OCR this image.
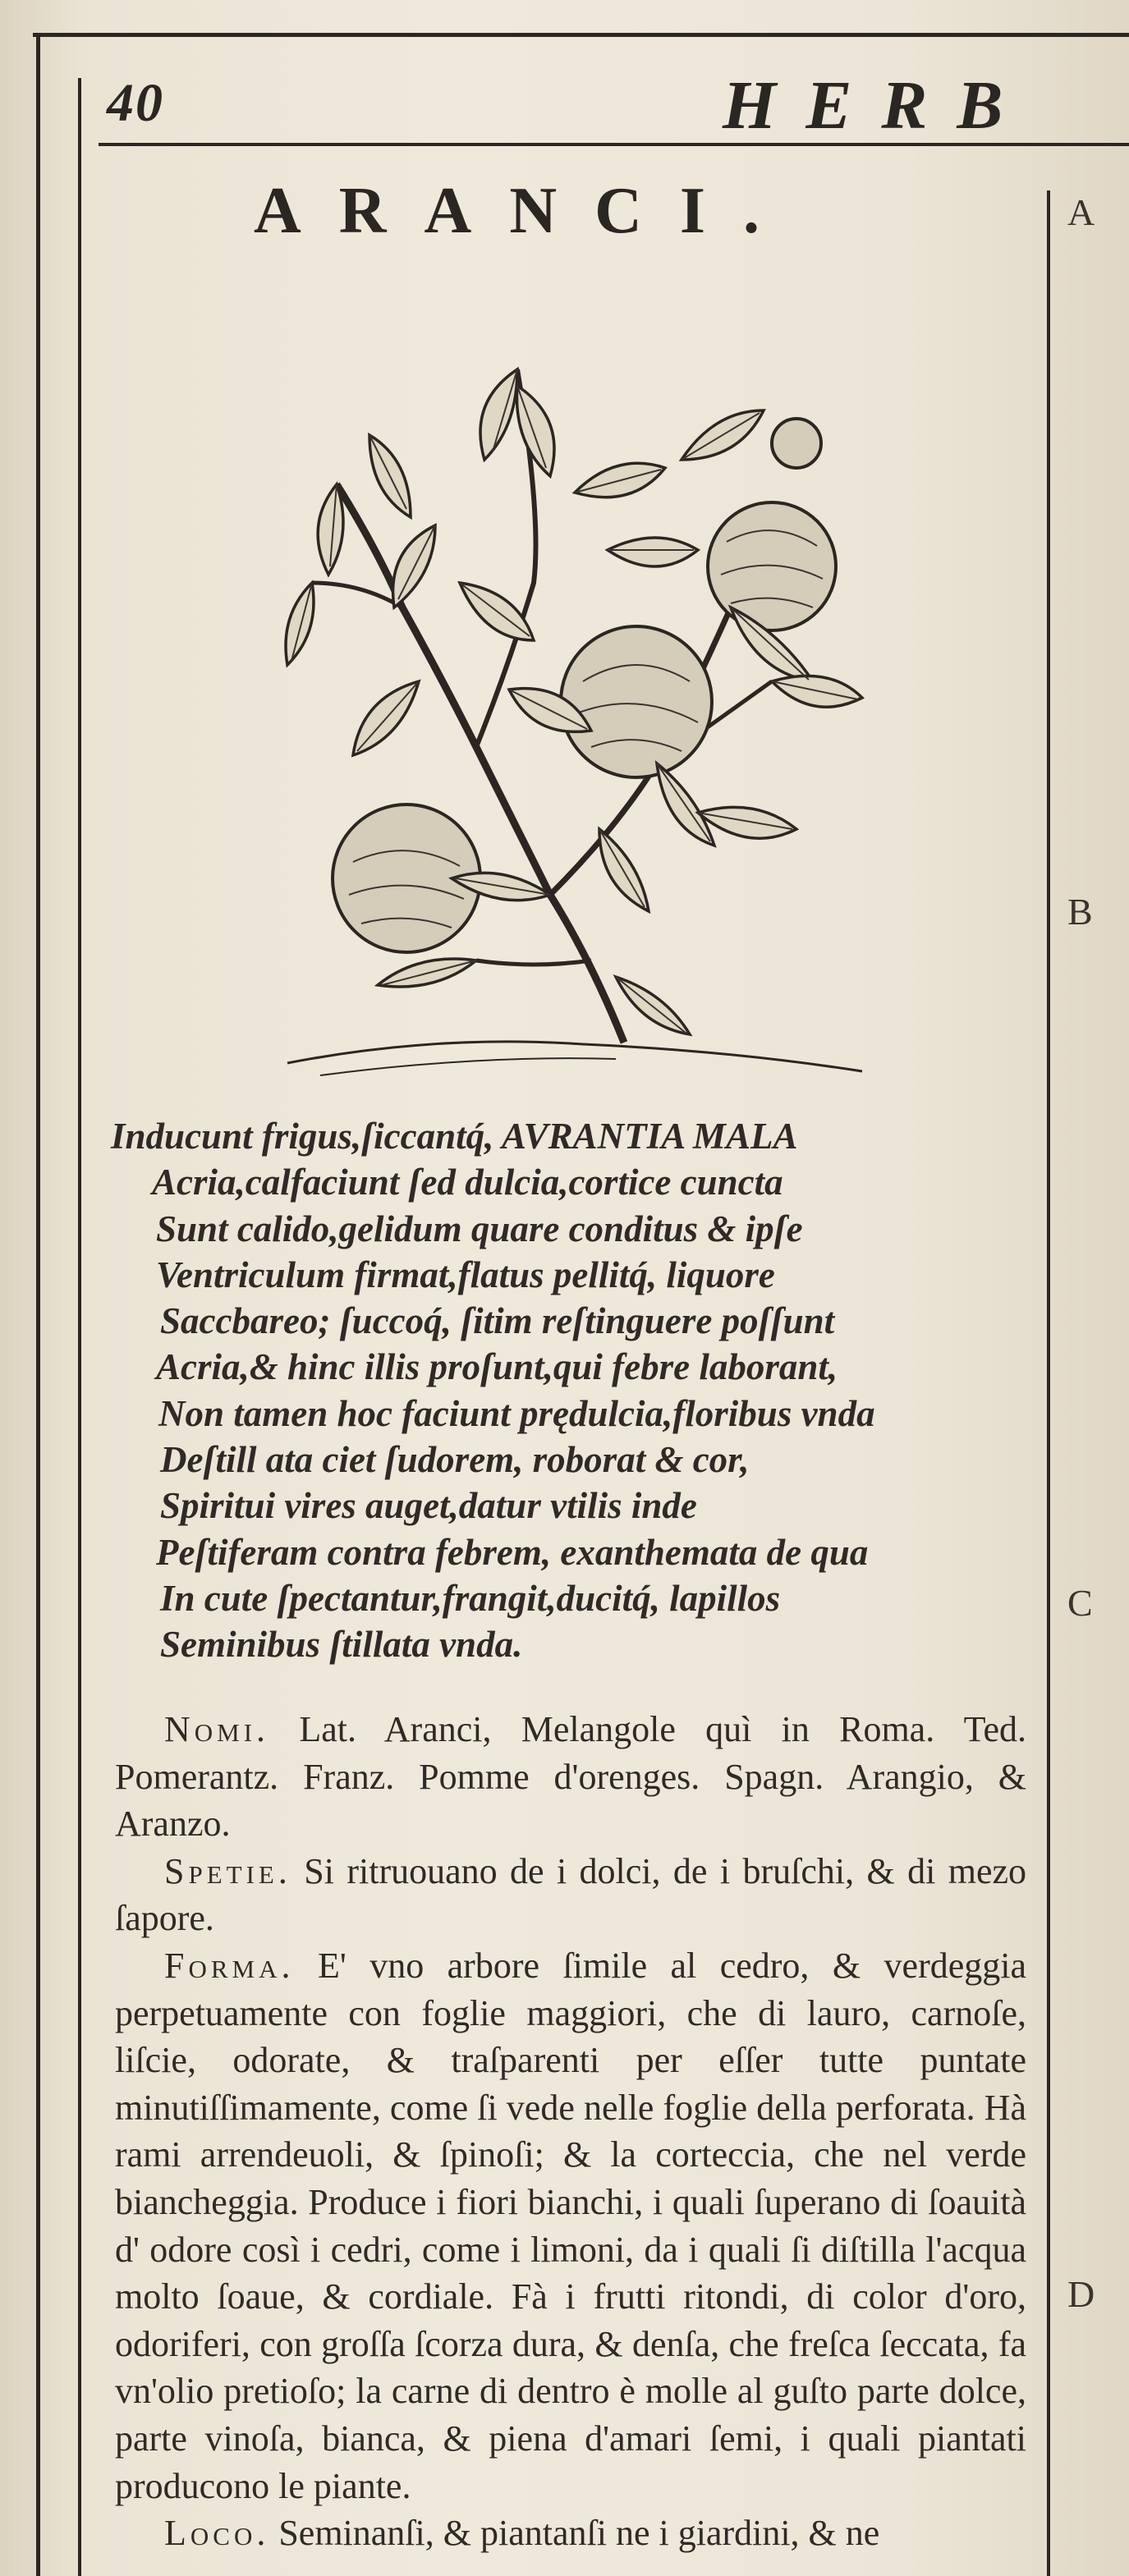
40	HERB
ARANCI.
Inducunt frigus,ſiccantq́, AVRANTIA MALA
Acria,calfaciunt ſed dulcia,cortice cuncta
Sunt calido,gelidum quare conditus & ipſe
Ventriculum firmat,flatus pellitq́, liquore
Saccbareo; ſuccoq́, ſitim reſtinguere poſſunt
Acria,& hinc illis proſunt,qui febre laborant,
Non tamen hoc faciunt prędulcia,floribus vnda
Deſtill ata ciet ſudorem, roborat & cor,
Spiritui vires auget,datur vtilis inde
Peſtiferam contra febrem, exanthemata de qua
In cute ſpectantur,frangit,ducitq́, lapillos
Seminibus ſtillata vnda.

Nomi. Lat. Aranci, Melangole quì in Roma. Ted. Pomerantz. Franz. Pomme d'orenges. Spagn. Arangio, & Aranzo.

Spetie. Si ritruouano de i dolci, de i bruſchi, & di mezo ſapore.

Forma. E' vno arbore ſimile al cedro, & verdeggia perpetuamente con foglie maggiori, che di lauro, carnoſe, liſcie, odorate, & traſparenti per eſſer tutte puntate minutiſſimamente, come ſi vede nelle foglie della perforata. Hà rami arrendeuoli, & ſpinoſi; & la corteccia, che nel verde biancheggia. Produce i fiori bianchi, i quali ſuperano di ſoauità d' odore così i cedri, come i limoni, da i quali ſi diſtilla l'acqua molto ſoaue, & cordiale. Fà i frutti ritondi, di color d'oro, odoriferi, con groſſa ſcorza dura, & denſa, che freſca ſeccata, fa vn'olio pretioſo; la carne di dentro è molle al guſto parte dolce, parte vinoſa, bianca, & piena d'amari ſemi, i quali piantati producono le piante.

Loco. Seminanſi, & piantanſi ne i giardini, & ne

A
B
C
D
